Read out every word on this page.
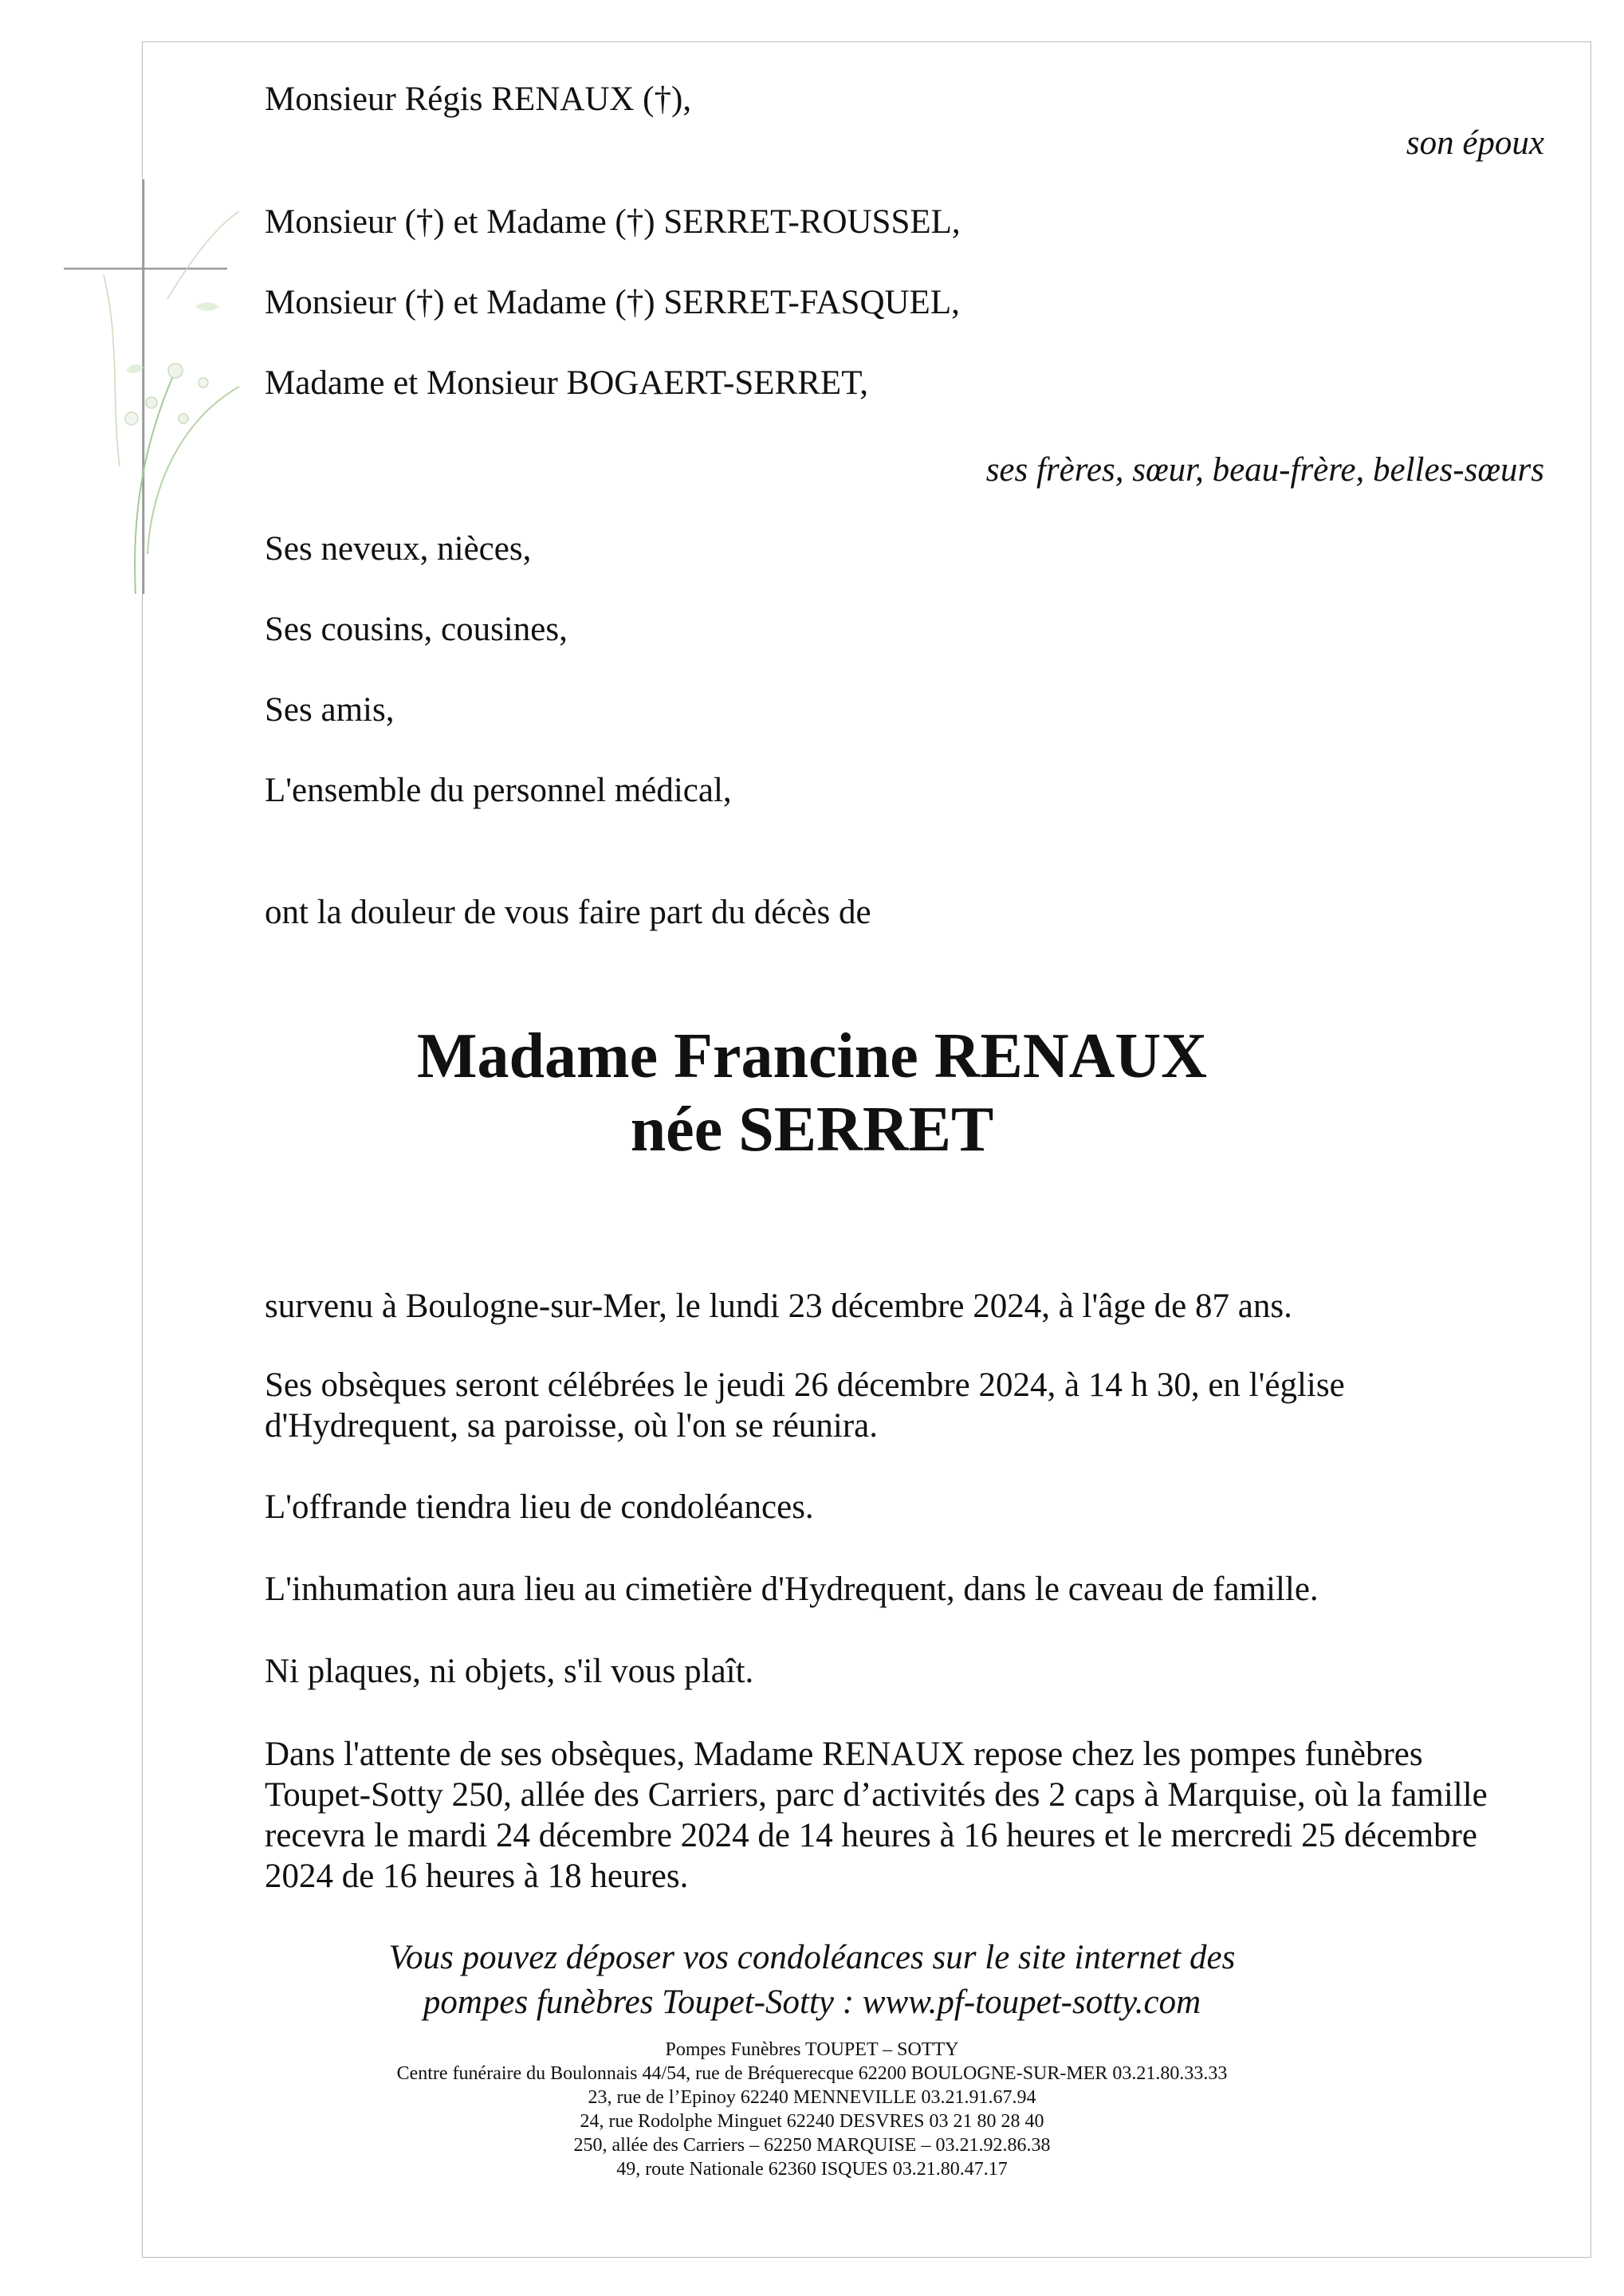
Monsieur Régis RENAUX (†),
son époux
Monsieur (†) et Madame (†) SERRET-ROUSSEL,
Monsieur (†) et Madame (†) SERRET-FASQUEL,
Madame et Monsieur BOGAERT-SERRET,
ses frères, sœur, beau-frère, belles-sœurs
Ses neveux, nièces,
Ses cousins, cousines,
Ses amis,
L'ensemble du personnel médical,
ont la douleur de vous faire part du décès de
Madame Francine RENAUX
née SERRET
survenu à Boulogne-sur-Mer, le lundi 23 décembre 2024, à l'âge de 87 ans.
Ses obsèques seront célébrées le jeudi 26 décembre 2024, à 14 h 30, en l'église d'Hydrequent, sa paroisse, où l'on se réunira.
L'offrande tiendra lieu de condoléances.
L'inhumation aura lieu au cimetière d'Hydrequent, dans le caveau de famille.
Ni plaques, ni objets, s'il vous plaît.
Dans l'attente de ses obsèques, Madame RENAUX repose chez les pompes funèbres Toupet-Sotty 250, allée des Carriers, parc d’activités des 2 caps à Marquise, où la famille recevra le mardi 24 décembre 2024 de 14 heures à 16 heures et le mercredi 25 décembre 2024 de 16 heures à 18 heures.
Vous pouvez déposer vos condoléances sur le site internet des
pompes funèbres Toupet-Sotty : www.pf-toupet-sotty.com
Pompes Funèbres TOUPET – SOTTY
Centre funéraire du Boulonnais 44/54, rue de Bréquerecque 62200 BOULOGNE-SUR-MER 03.21.80.33.33
23, rue de l’Epinoy 62240 MENNEVILLE 03.21.91.67.94
24, rue Rodolphe Minguet 62240 DESVRES 03 21 80 28 40
250, allée des Carriers – 62250 MARQUISE – 03.21.92.86.38
49, route Nationale 62360 ISQUES 03.21.80.47.17
